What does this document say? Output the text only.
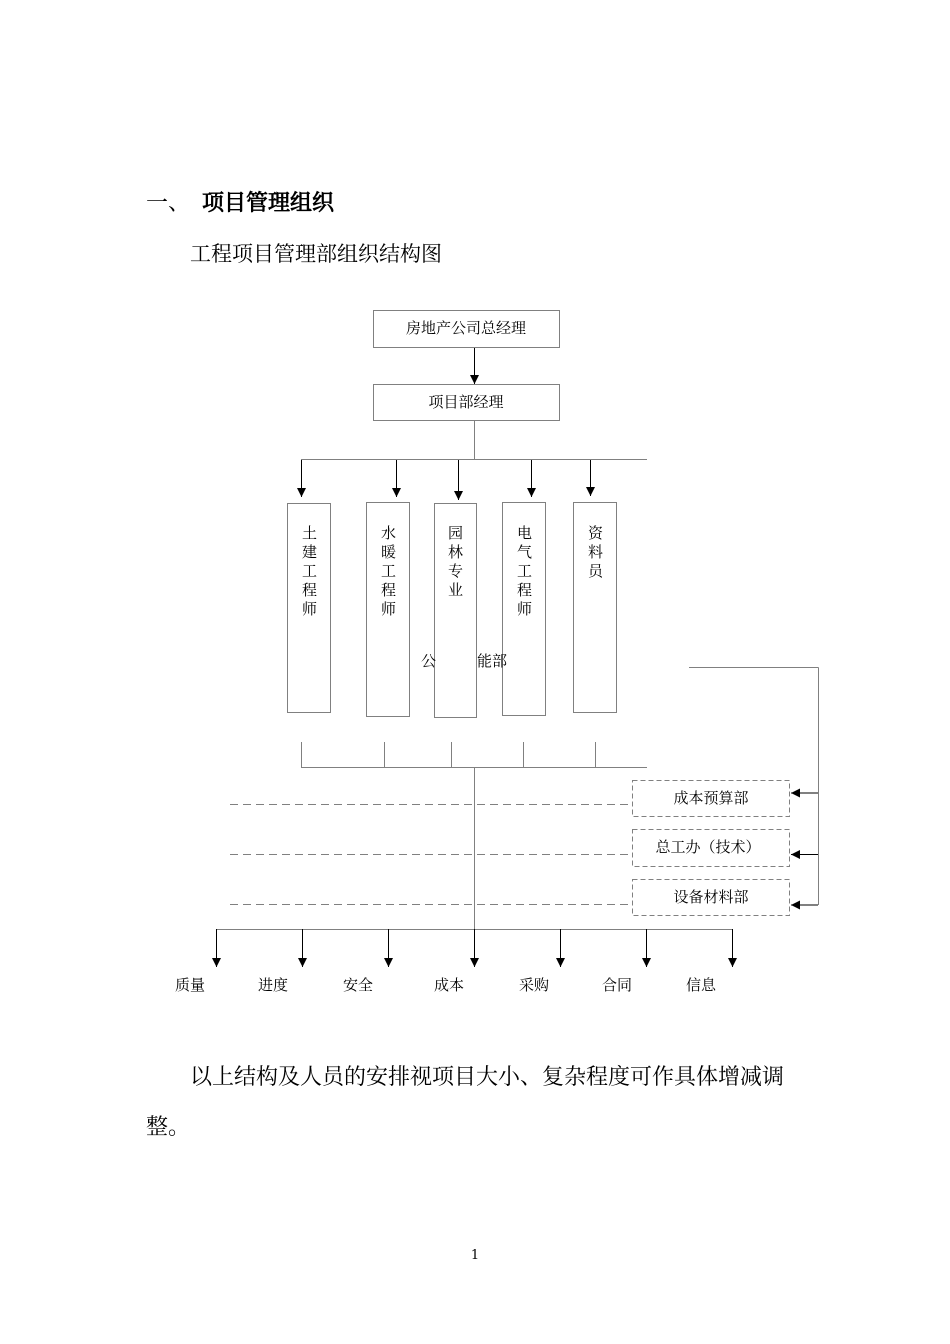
一、 项目管理组织
工程项目管理部组织结构图
房地产公司总经理
项目部经理
土建工程师	水暖工程师	园林专业	电气工程师	资料员
公	能部
成本预算部
总工办（技术）
设备材料部
质量	进度	安全	成本	采购	合同	信息
以上结构及人员的安排视项目大小、复杂程度可作具体增减调
整。
1
